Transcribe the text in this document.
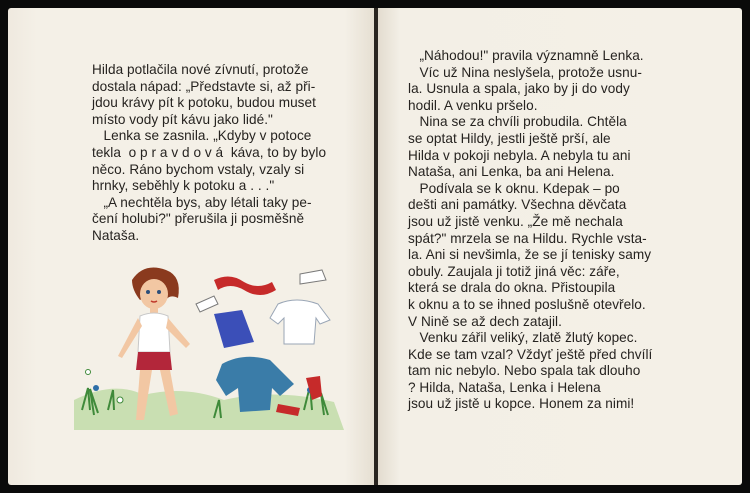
Hilda potlačila nové zívnutí, protože

dostala nápad: „Představte si, až při-

jdou krávy pít k potoku, budou muset

místo vody pít kávu jako lidé."

Lenka se zasnila. „Kdyby v potoce

tekla  o p r a v d o v á  káva, to by bylo

něco. Ráno bychom vstaly, vzaly si

hrnky, seběhly k potoku a . . ."

„A nechtěla bys, aby létali taky pe-

čení holubi?" přerušila ji posměšně

Nataša.

„Náhodou!" pravila významně Lenka.

Víc už Nina neslyšela, protože usnu-

la. Usnula a spala, jako by ji do vody

hodil. A venku pršelo.

Nina se za chvíli probudila. Chtěla

se optat Hildy, jestli ještě prší, ale

Hilda v pokoji nebyla. A nebyla tu ani

Nataša, ani Lenka, ba ani Helena.

Podívala se k oknu. Kdepak – po

dešti ani památky. Všechna děvčata

jsou už jistě venku. „Že mě nechala

spát?" mrzela se na Hildu. Rychle vsta-

la. Ani si nevšimla, že se jí tenisky samy

obuly. Zaujala ji totiž jiná věc: záře,

která se drala do okna. Přistoupila

k oknu a to se ihned poslušně otevřelo.

V Nině se až dech zatajil.

Venku zářil veliký, zlatě žlutý kopec.

Kde se tam vzal? Vždyť ještě před chvílí

tam nic nebylo. Nebo spala tak dlouho

? Hilda, Nataša, Lenka i Helena

jsou už jistě u kopce. Honem za nimi!
